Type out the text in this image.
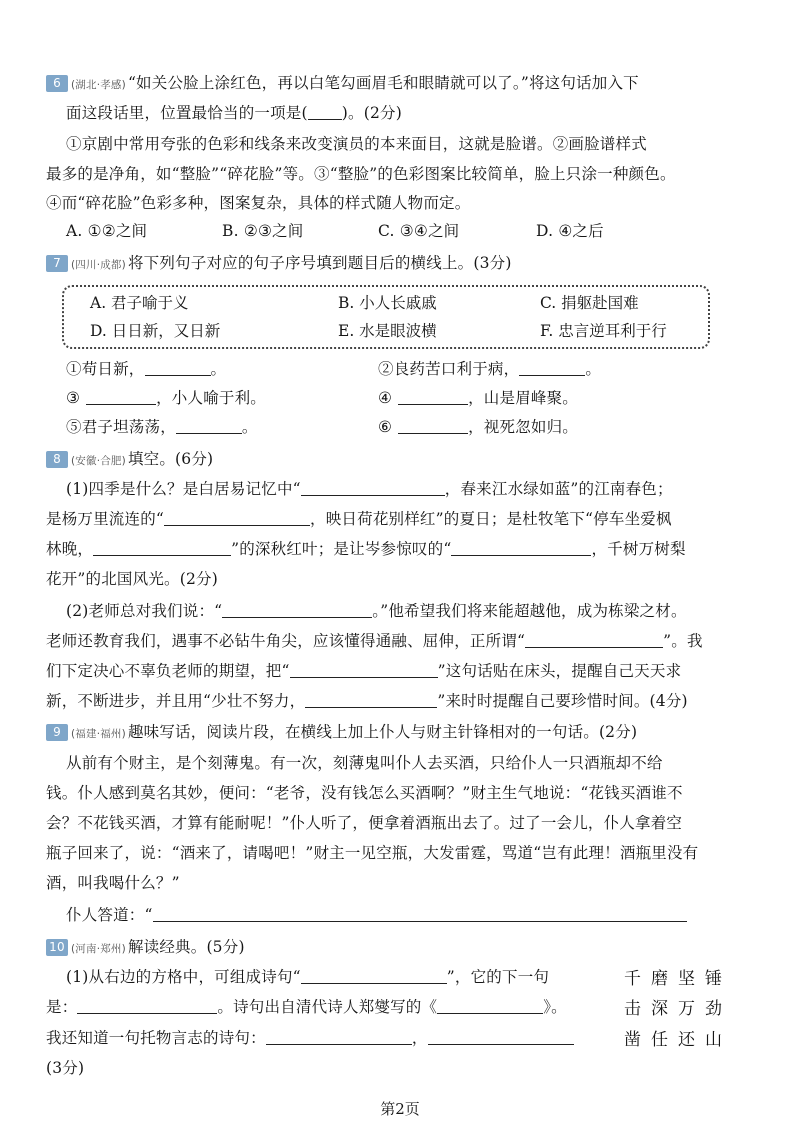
6 (湖北·孝感) “如关公脸上涂红色，再以白笔勾画眉毛和眼睛就可以了。”将这句话加入下
面这段话里，位置最恰当的一项是( )。(2分)
①京剧中常用夸张的色彩和线条来改变演员的本来面目，这就是脸谱。②画脸谱样式
最多的是净角，如“整脸”“碎花脸”等。③“整脸”的色彩图案比较简单，脸上只涂一种颜色。
④而“碎花脸”色彩多种，图案复杂，具体的样式随人物而定。
A. ①②之间	B. ②③之间	C. ③④之间	D. ④之后
7 (四川·成都) 将下列句子对应的句子序号填到题目后的横线上。(3分)
A. 君子喻于义	B. 小人长戚戚	C. 捐躯赴国难
D. 日日新，又日新	E. 水是眼波横	F. 忠言逆耳利于行
①苟日新，	。	②良药苦口利于病，	。
③	，小人喻于利。	④	，山是眉峰聚。
⑤君子坦荡荡，	。	⑥	，视死忽如归。
8 (安徽·合肥) 填空。(6分)
(1)四季是什么？是白居易记忆中“	，春来江水绿如蓝”的江南春色；
是杨万里流连的“	，映日荷花别样红”的夏日；是杜牧笔下“停车坐爱枫
林晚，	”的深秋红叶；是让岑参惊叹的“	，千树万树梨
花开”的北国风光。(2分)
(2)老师总对我们说：“	。”他希望我们将来能超越他，成为栋梁之材。
老师还教育我们，遇事不必钻牛角尖，应该懂得通融、屈伸，正所谓“	”。我
们下定决心不辜负老师的期望，把“	”这句话贴在床头，提醒自己天天求
新，不断进步，并且用“少壮不努力，	”来时时提醒自己要珍惜时间。(4分)
9 (福建·福州) 趣味写话，阅读片段，在横线上加上仆人与财主针锋相对的一句话。(2分)
从前有个财主，是个刻薄鬼。有一次，刻薄鬼叫仆人去买酒，只给仆人一只酒瓶却不给
钱。仆人感到莫名其妙，便问：“老爷，没有钱怎么买酒啊？”财主生气地说：“花钱买酒谁不
会？不花钱买酒，才算有能耐呢！”仆人听了，便拿着酒瓶出去了。过了一会儿，仆人拿着空
瓶子回来了，说：“酒来了，请喝吧！”财主一见空瓶，大发雷霆，骂道“岂有此理！酒瓶里没有
酒，叫我喝什么？”
仆人答道：“
10 (河南·郑州) 解读经典。(5分)
(1)从右边的方格中，可组成诗句“	”，它的下一句
是：	。诗句出自清代诗人郑燮写的《	》。
我还知道一句托物言志的诗句：	，
(3分)
千 磨 坚 锤
击 深 万 劲
凿 任 还 山
第2页
